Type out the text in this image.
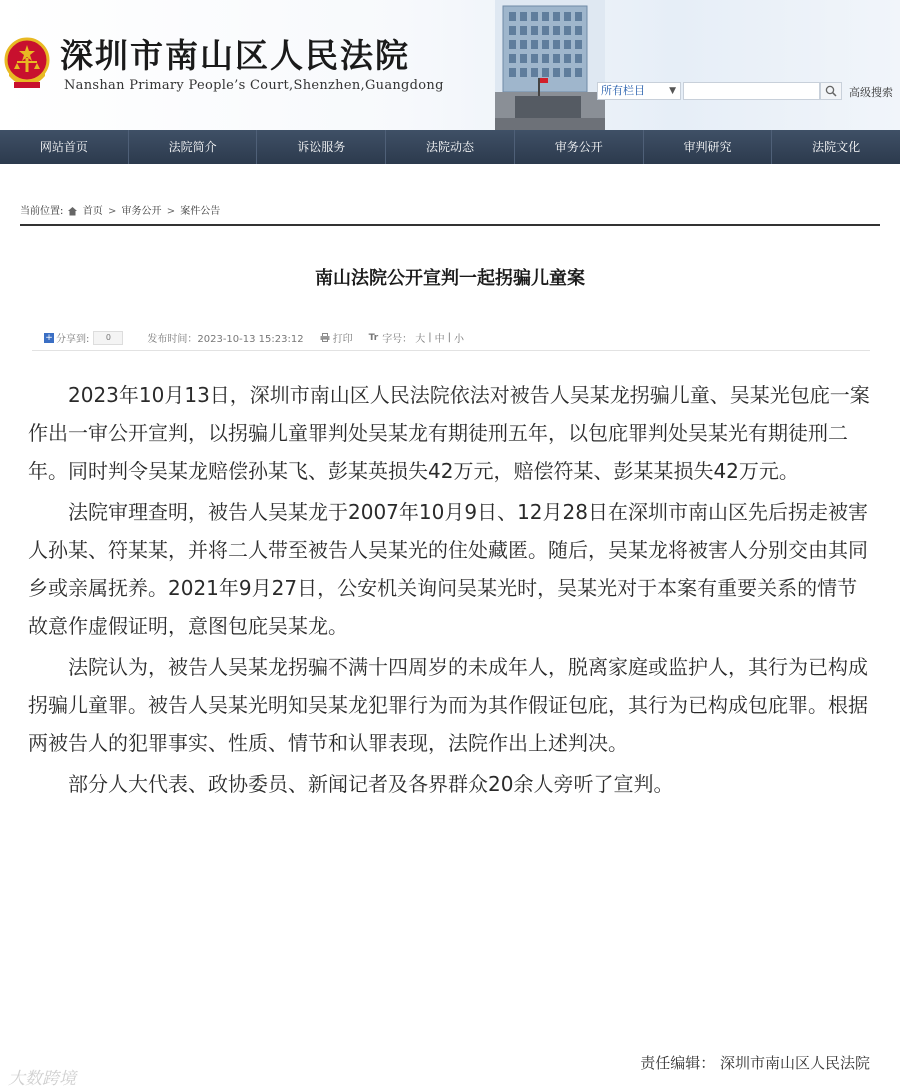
深圳市南山区人民法院
Nanshan Primary People’s Court,Shenzhen,Guangdong	所有栏目	▼	高级搜索
网站首页	法院简介	诉讼服务	法院动态	审务公开	审判研究	法院文化
当前位置: 首页 > 审务公开 > 案件公告
南山法院公开宣判一起拐骗儿童案
+ 分享到:	0	发布时间：2023-10-13 15:23:12	打印 Tr 字号： 大 | 中 | 小

2023年10月13日，深圳市南山区人民法院依法对被告人吴某龙拐骗儿童、吴某光包庇一案作出一审公开宣判，以拐骗儿童罪判处吴某龙有期徒刑五年，以包庇罪判处吴某光有期徒刑二年。同时判令吴某龙赔偿孙某飞、彭某英损失42万元，赔偿符某、彭某某损失42万元。

法院审理查明，被告人吴某龙于2007年10月9日、12月28日在深圳市南山区先后拐走被害人孙某、符某某，并将二人带至被告人吴某光的住处藏匿。随后，吴某龙将被害人分别交由其同乡或亲属抚养。2021年9月27日，公安机关询问吴某光时，吴某光对于本案有重要关系的情节故意作虚假证明，意图包庇吴某龙。

法院认为，被告人吴某龙拐骗不满十四周岁的未成年人，脱离家庭或监护人，其行为已构成拐骗儿童罪。被告人吴某光明知吴某龙犯罪行为而为其作假证包庇，其行为已构成包庇罪。根据两被告人的犯罪事实、性质、情节和认罪表现，法院作出上述判决。

部分人大代表、政协委员、新闻记者及各界群众20余人旁听了宣判。

责任编辑： 深圳市南山区人民法院
大数跨境
